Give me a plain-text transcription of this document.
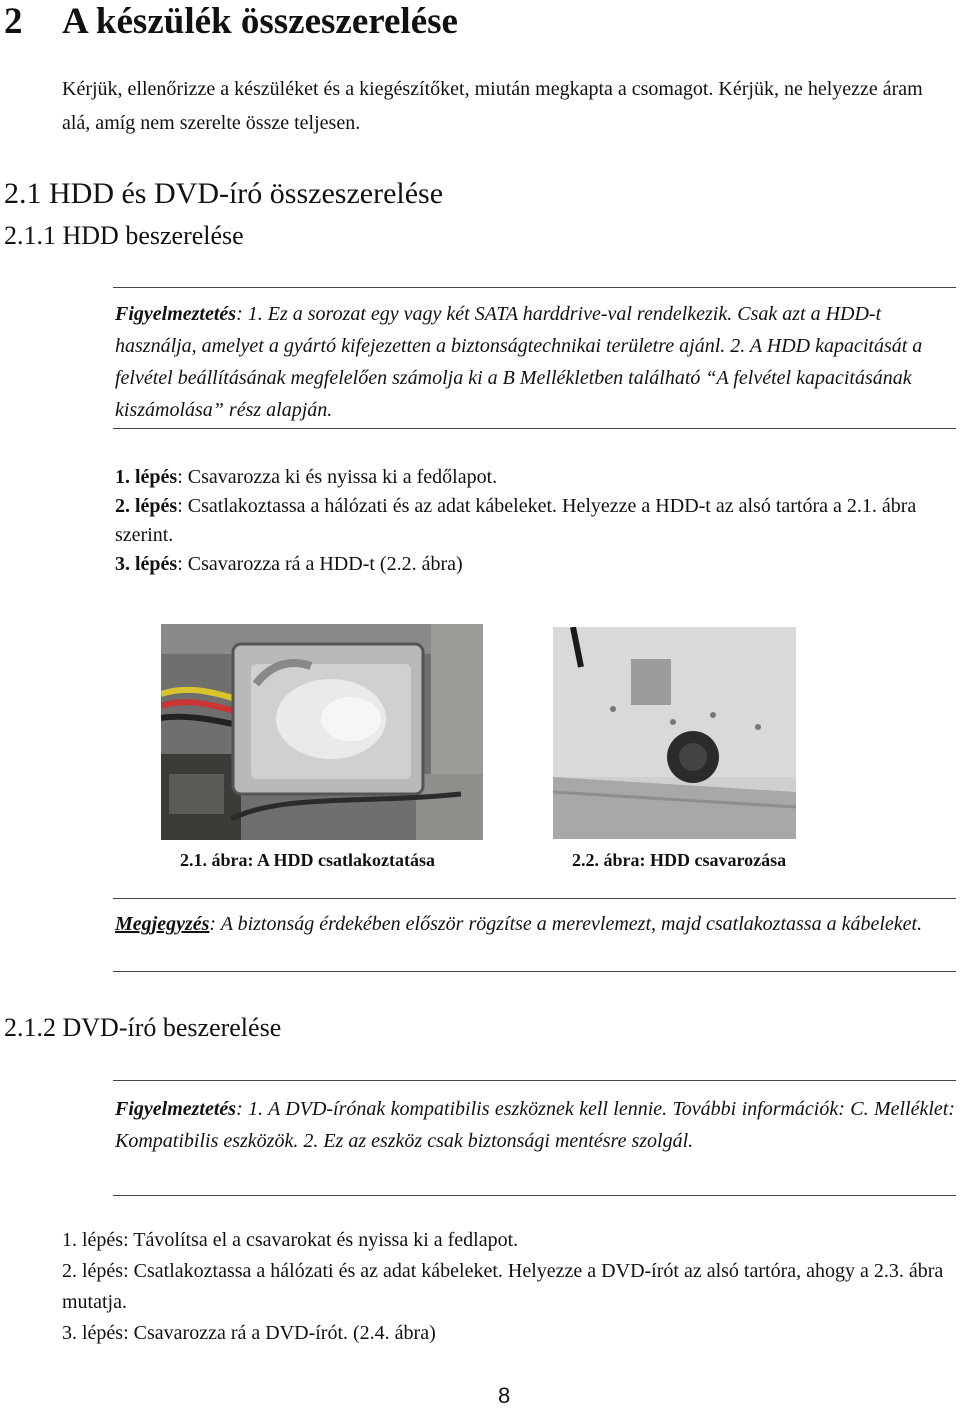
2 A készülék összeszerelése
Kérjük, ellenőrizze a készüléket és a kiegészítőket, miután megkapta a csomagot. Kérjük, ne helyezze áram alá, amíg nem szerelte össze teljesen.
2.1 HDD és DVD-író összeszerelése
2.1.1 HDD beszerelése
Figyelmeztetés: 1. Ez a sorozat egy vagy két SATA harddrive-val rendelkezik. Csak azt a HDD-t használja, amelyet a gyártó kifejezetten a biztonságtechnikai területre ajánl. 2. A HDD kapacitását a felvétel beállításának megfelelően számolja ki a B Mellékletben található “A felvétel kapacitásának kiszámolása” rész alapján.
1. lépés: Csavarozza ki és nyissa ki a fedőlapot.
2. lépés: Csatlakoztassa a hálózati és az adat kábeleket. Helyezze a HDD-t az alsó tartóra a 2.1. ábra szerint.
3. lépés: Csavarozza rá a HDD-t (2.2. ábra)
2.1. ábra: A HDD csatlakoztatása	2.2. ábra: HDD csavarozása
Megjegyzés: A biztonság érdekében először rögzítse a merevlemezt, majd csatlakoztassa a kábeleket.
2.1.2 DVD-író beszerelése
Figyelmeztetés: 1. A DVD-írónak kompatibilis eszköznek kell lennie. További információk: C. Melléklet: Kompatibilis eszközök. 2. Ez az eszköz csak biztonsági mentésre szolgál.
1. lépés: Távolítsa el a csavarokat és nyissa ki a fedlapot.
2. lépés: Csatlakoztassa a hálózati és az adat kábeleket. Helyezze a DVD-írót az alsó tartóra, ahogy a 2.3. ábra mutatja.
3. lépés: Csavarozza rá a DVD-írót. (2.4. ábra)
8
